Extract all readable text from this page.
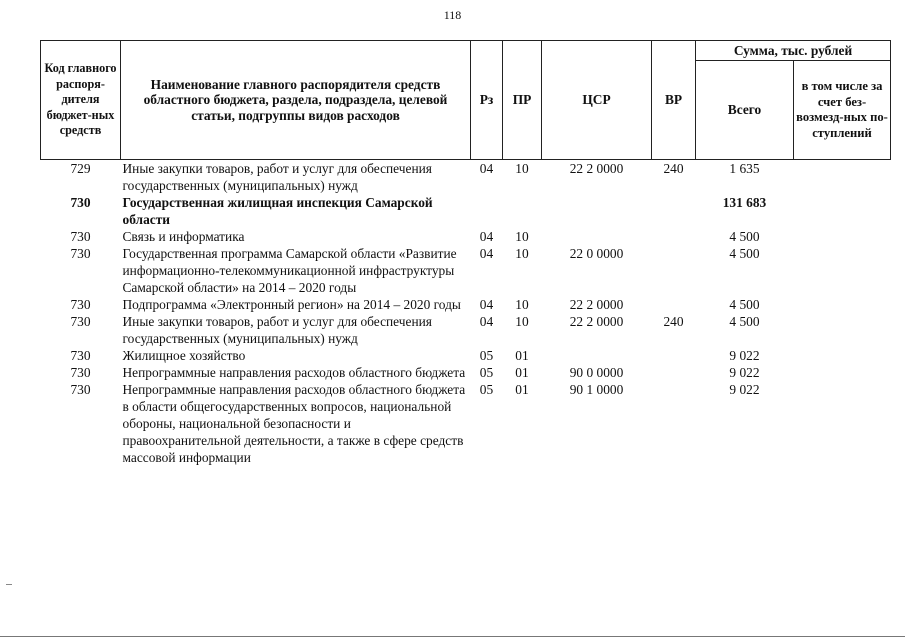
118
Код главного распоря-дителя бюджет-ных средств	Наименование главного распорядителя средств областного бюджета, раздела, подраздела, целевой статьи, подгруппы видов расходов	Рз	ПР	ЦСР	ВР	Сумма, тыс. рублей	
						Всего	в том числе за счет без-возмезд-ных по-ступлений
729	Иные закупки товаров, работ и услуг для обеспечения государственных (муниципальных) нужд	04	10	22 2 0000	240	1 635	
730	Государственная жилищная инспекция Самарской области					131 683	
730	Связь и информатика	04	10			4 500	
730	Государственная программа Самарской области «Развитие информационно-телекоммуникационной инфраструктуры Самарской области» на 2014 – 2020 годы	04	10	22 0 0000		4 500	
730	Подпрограмма «Электронный регион» на 2014 – 2020 годы	04	10	22 2 0000		4 500	
730	Иные закупки товаров, работ и услуг для обеспечения государственных (муниципальных) нужд	04	10	22 2 0000	240	4 500	
730	Жилищное хозяйство	05	01			9 022	
730	Непрограммные направления расходов областного бюджета	05	01	90 0 0000		9 022	
730	Непрограммные направления расходов областного бюджета в области общегосударственных вопросов, национальной обороны, национальной безопасности и правоохранительной деятельности, а также в сфере средств массовой информации	05	01	90 1 0000		9 022	
